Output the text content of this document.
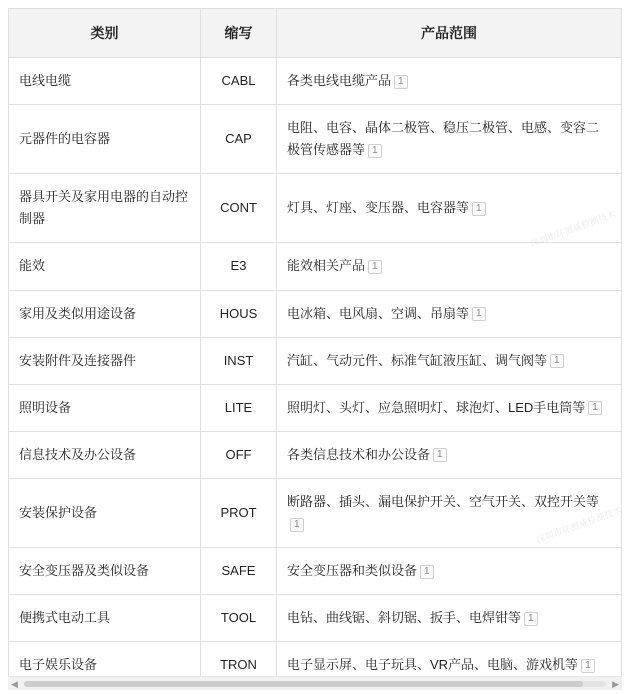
类别	缩写	产品范围
电线电缆	CABL	各类电线电缆产品 1
元器件的电容器	CAP	电阻、电容、晶体二极管、稳压二极管、电感、变容二极管传感器等 1
器具开关及家用电器的自动控制器	CONT	灯具、灯座、变压器、电容器等 1
能效	E3	能效相关产品 1
家用及类似用途设备	HOUS	电冰箱、电风扇、空调、吊扇等 1
安装附件及连接器件	INST	汽缸、气动元件、标准气缸液压缸、调气阀等 1
照明设备	LITE	照明灯、头灯、应急照明灯、球泡灯、LED手电筒等 1
信息技术及办公设备	OFF	各类信息技术和办公设备 1
安装保护设备	PROT	断路器、插头、漏电保护开关、空气开关、双控开关等1
安全变压器及类似设备	SAFE	安全变压器和类似设备 1
便携式电动工具	TOOL	电钻、曲线锯、斜切锯、扳手、电焊钳等 1
电子娱乐设备	TRON	电子显示屏、电子玩具、VR产品、电脑、游戏机等 1
深圳市环测威检测技术
深圳市环测威检测技术
◀	▶
